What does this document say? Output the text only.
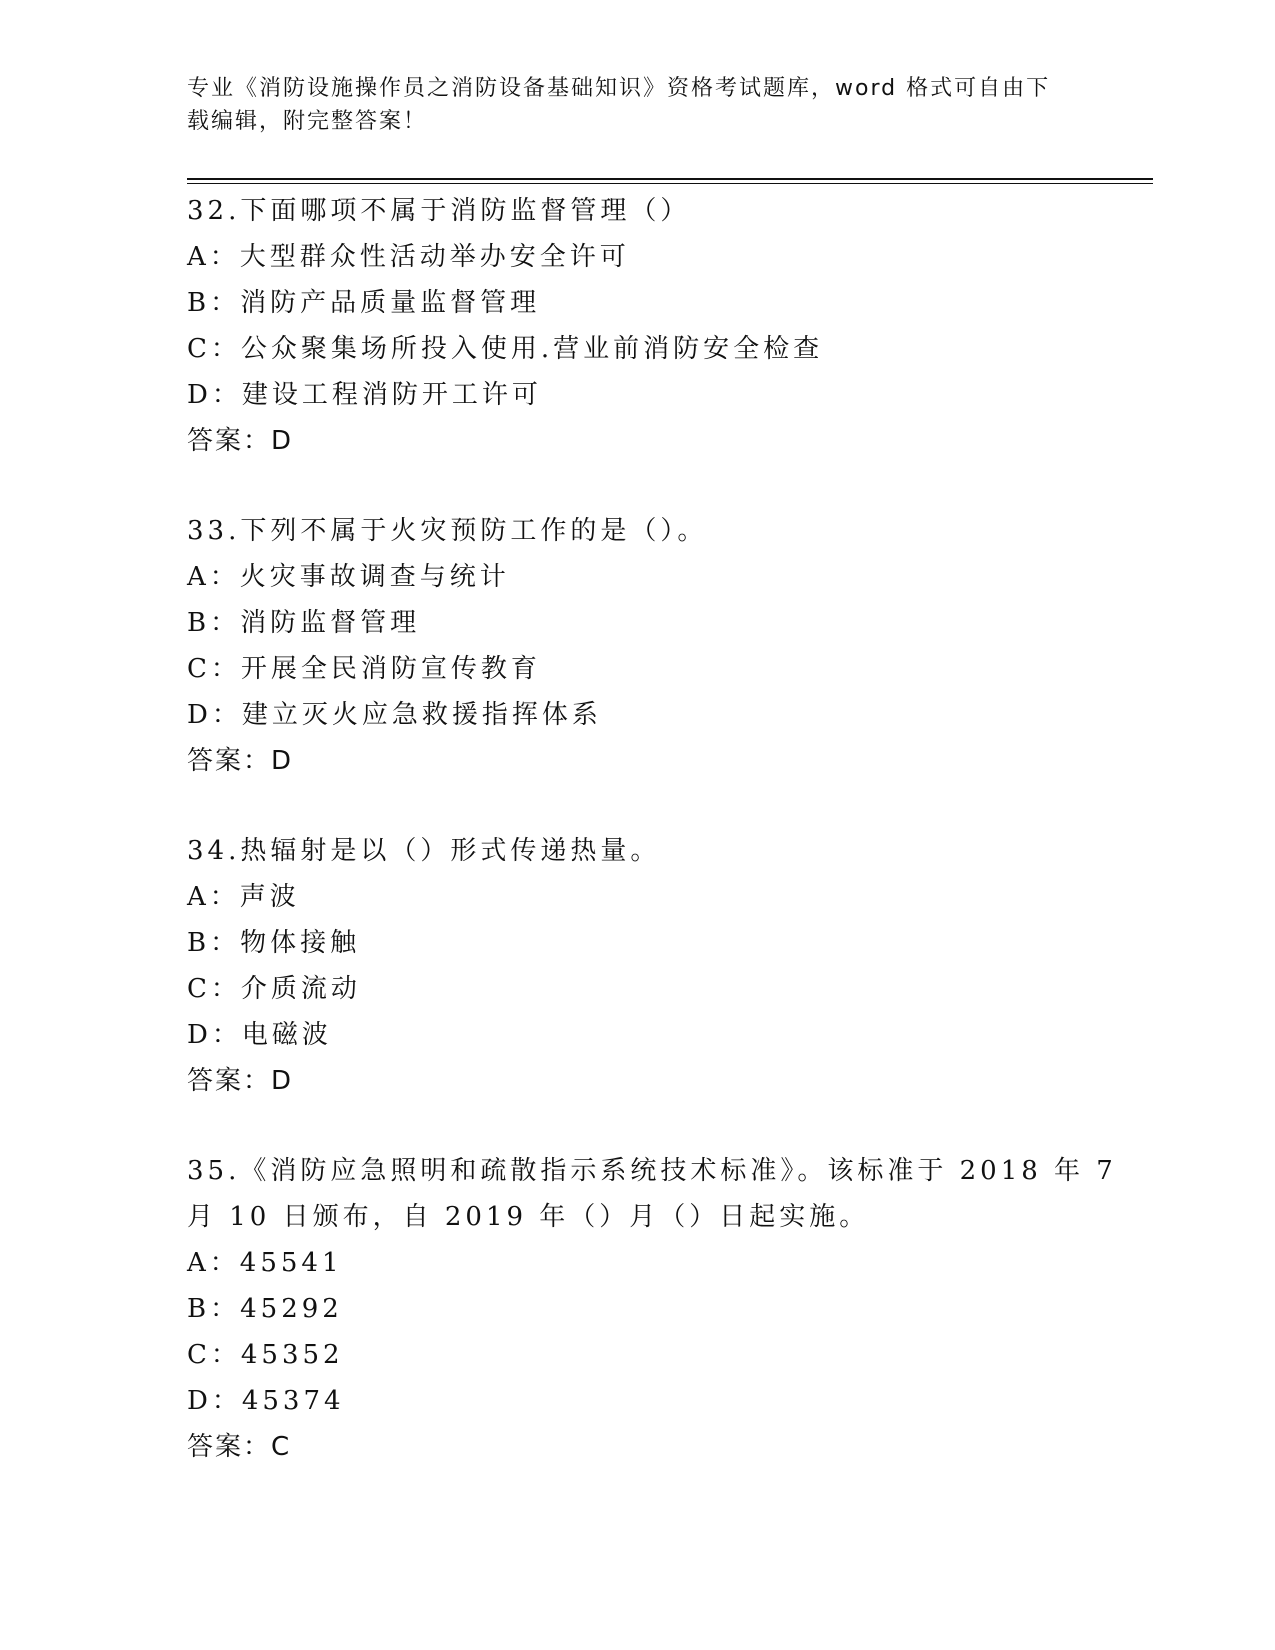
专业《消防设施操作员之消防设备基础知识》资格考试题库，word 格式可自由下
载编辑，附完整答案！
32.下面哪项不属于消防监督管理（）
A：大型群众性活动举办安全许可
B：消防产品质量监督管理
C：公众聚集场所投入使用.营业前消防安全检查
D：建设工程消防开工许可
答案：D
33.下列不属于火灾预防工作的是（）。
A：火灾事故调查与统计
B：消防监督管理
C：开展全民消防宣传教育
D：建立灭火应急救援指挥体系
答案：D
34.热辐射是以（）形式传递热量。
A：声波
B：物体接触
C：介质流动
D：电磁波
答案：D
35.《消防应急照明和疏散指示系统技术标准》。该标准于 2018 年 7
月 10 日颁布，自 2019 年（）月（）日起实施。
A：45541
B：45292
C：45352
D：45374
答案：C
